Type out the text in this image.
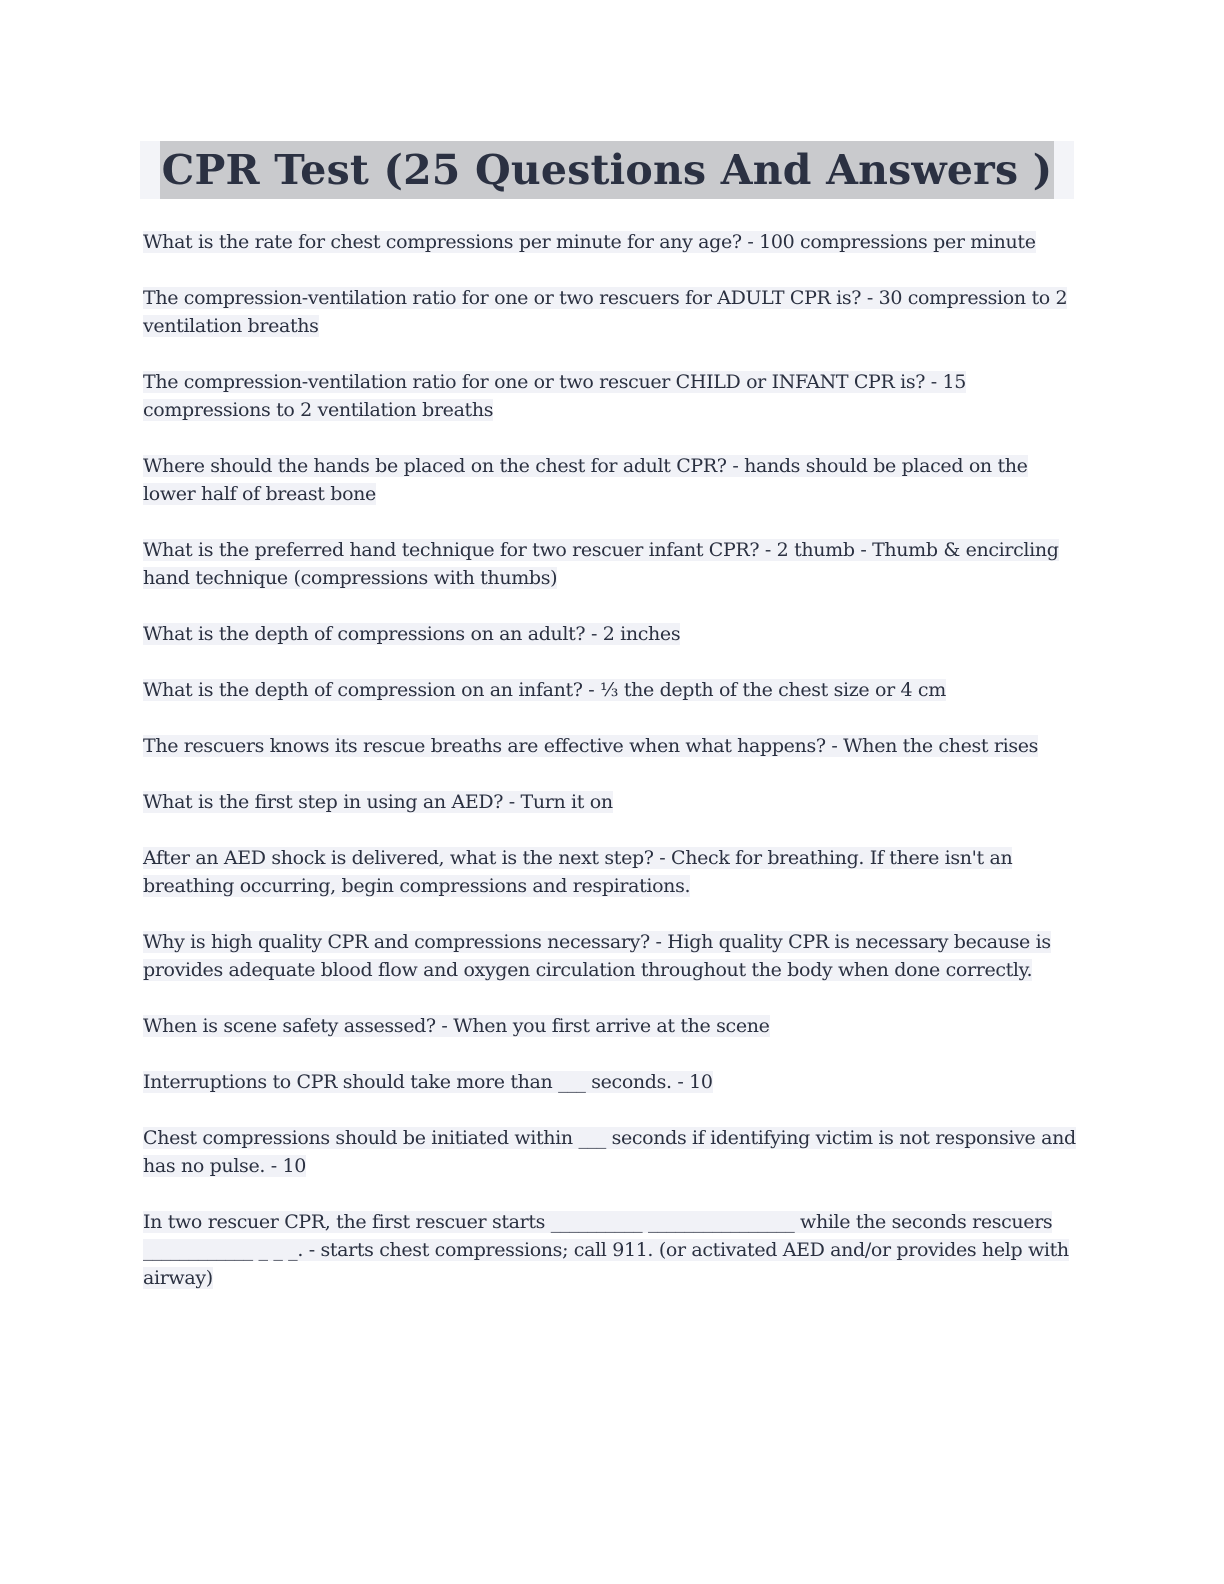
CPR Test (25 Questions And Answers )

What is the rate for chest compressions per minute for any age? - 100 compressions per minute

The compression-ventilation ratio for one or two rescuers for ADULT CPR is? - 30 compression to 2 ventilation breaths

The compression-ventilation ratio for one or two rescuer CHILD or INFANT CPR is? - 15 compressions to 2 ventilation breaths

Where should the hands be placed on the chest for adult CPR? - hands should be placed on the lower half of breast bone

What is the preferred hand technique for two rescuer infant CPR? - 2 thumb - Thumb & encircling hand technique (compressions with thumbs)

What is the depth of compressions on an adult? - 2 inches

What is the depth of compression on an infant? - ⅓ the depth of the chest size or 4 cm

The rescuers knows its rescue breaths are effective when what happens? - When the chest rises

What is the first step in using an AED? - Turn it on

After an AED shock is delivered, what is the next step? - Check for breathing. If there isn't an breathing occurring, begin compressions and respirations.

Why is high quality CPR and compressions necessary? - High quality CPR is necessary because is provides adequate blood flow and oxygen circulation throughout the body when done correctly.

When is scene safety assessed? - When you first arrive at the scene

Interruptions to CPR should take more than ___ seconds. - 10

Chest compressions should be initiated within ___ seconds if identifying victim is not responsive and has no pulse. - 10

In two rescuer CPR, the first rescuer starts __________ ________________ while the seconds rescuers ____________ _ _ _. - starts chest compressions; call 911. (or activated AED and/or provides help with airway)
